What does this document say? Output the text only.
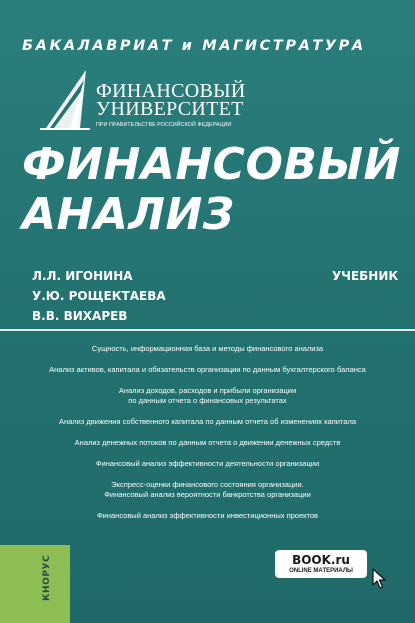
БАКАЛАВРИАТ и МАГИСТРАТУРА
ФИНАНСОВЫЙ
УНИВЕРСИТЕТ
ПРИ ПРАВИТЕЛЬСТВЕ РОССИЙСКОЙ ФЕДЕРАЦИИ
ФИНАНСОВЫЙ
АНАЛИЗ
Л.Л. ИГОНИНА
У.Ю. РОЩЕКТАЕВА
В.В. ВИХАРЕВ
УЧЕБНИК
Сущность, информационная база и методы финансового анализа
Анализ активов, капитала и обязательств организации по данным бухгалтерского баланса
Анализ доходов, расходов и прибыли организации
по данным отчета о финансовых результатах
Анализ движения собственного капитала по данным отчета об изменениях капитала
Анализ денежных потоков по данным отчета о движении денежных средств
Финансовый анализ эффективности деятельности организации
Экспресс-оценки финансового состояния организации.
Финансовый анализ вероятности банкротства организации
Финансовый анализ эффективности инвестиционных проектов
КНОРУС	BOOK.ru
ONLINE МАТЕРИАЛЫ
